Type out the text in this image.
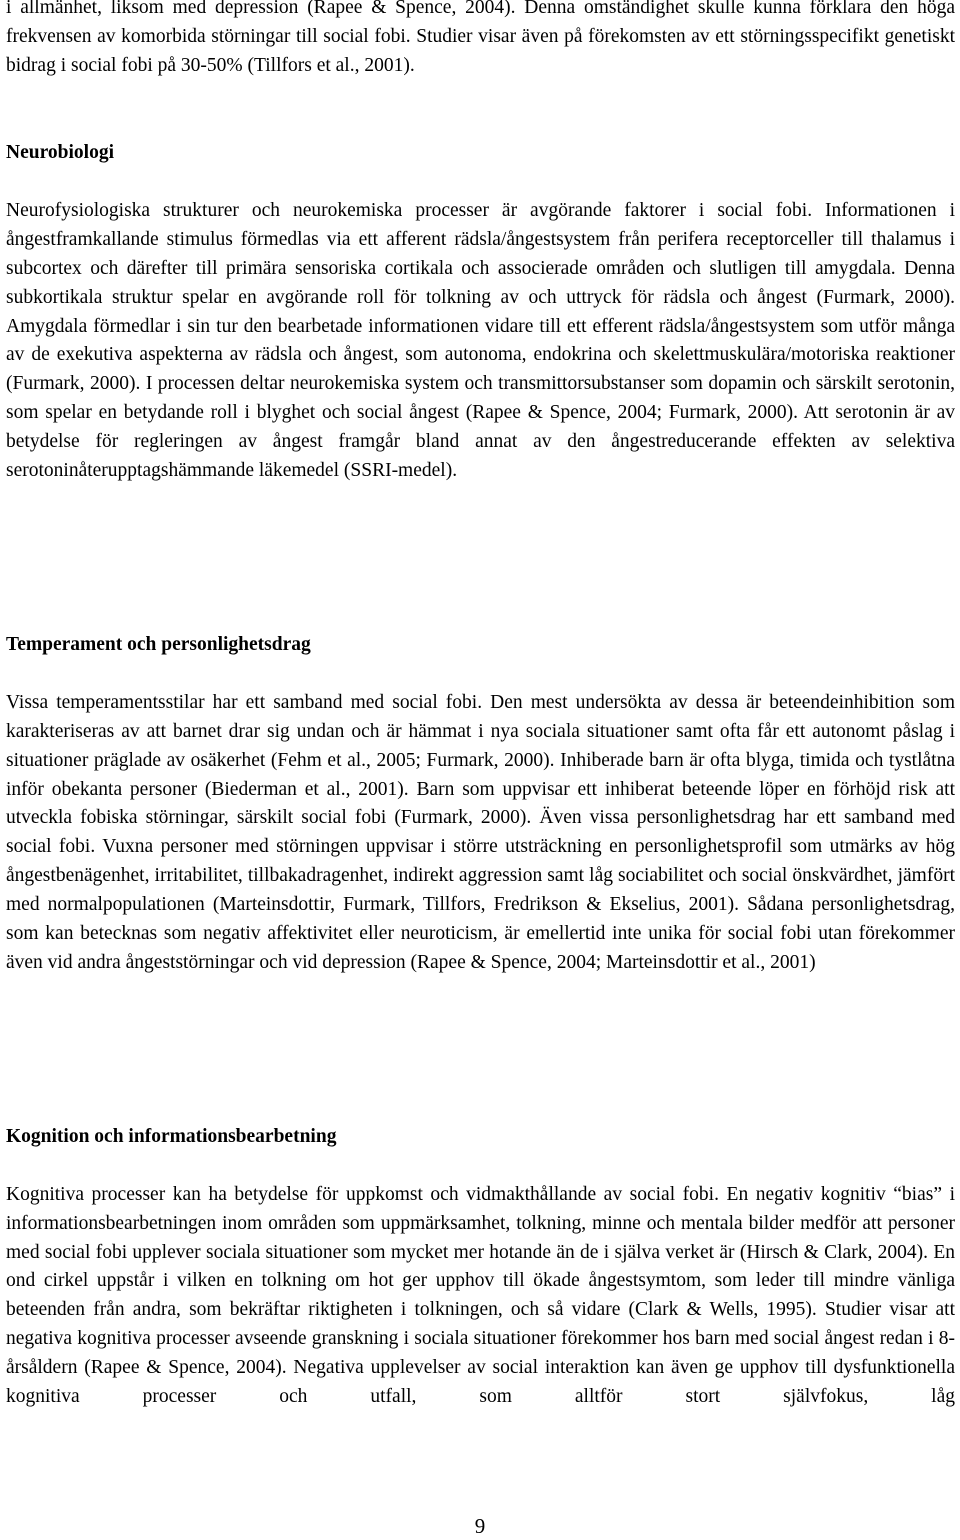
i allmänhet, liksom med depression (Rapee & Spence, 2004). Denna omständighet skulle kunna förklara den höga frekvensen av komorbida störningar till social fobi. Studier visar även på förekomsten av ett störningsspecifikt genetiskt bidrag i social fobi på 30-50% (Tillfors et al., 2001).

Neurobiologi

Neurofysiologiska strukturer och neurokemiska processer är avgörande faktorer i social fobi. Informationen i ångestframkallande stimulus förmedlas via ett afferent rädsla/ångestsystem från perifera receptorceller till thalamus i subcortex och därefter till primära sensoriska cortikala och associerade områden och slutligen till amygdala. Denna subkortikala struktur spelar en avgörande roll för tolkning av och uttryck för rädsla och ångest (Furmark, 2000). Amygdala förmedlar i sin tur den bearbetade informationen vidare till ett efferent rädsla/ångestsystem som utför många av de exekutiva aspekterna av rädsla och ångest, som autonoma, endokrina och skelettmuskulära/motoriska reaktioner (Furmark, 2000). I processen deltar neurokemiska system och transmittorsubstanser som dopamin och särskilt serotonin, som spelar en betydande roll i blyghet och social ångest (Rapee & Spence, 2004; Furmark, 2000). Att serotonin är av betydelse för regleringen av ångest framgår bland annat av den ångestreducerande effekten av selektiva serotoninåterupptagshämmande läkemedel (SSRI-medel).

Temperament och personlighetsdrag

Vissa temperamentsstilar har ett samband med social fobi. Den mest undersökta av dessa är beteendeinhibition som karakteriseras av att barnet drar sig undan och är hämmat i nya sociala situationer samt ofta får ett autonomt påslag i situationer präglade av osäkerhet (Fehm et al., 2005; Furmark, 2000). Inhiberade barn är ofta blyga, timida och tystlåtna inför obekanta personer (Biederman et al., 2001). Barn som uppvisar ett inhiberat beteende löper en förhöjd risk att utveckla fobiska störningar, särskilt social fobi (Furmark, 2000). Även vissa personlighetsdrag har ett samband med social fobi. Vuxna personer med störningen uppvisar i större utsträckning en personlighetsprofil som utmärks av hög ångestbenägenhet, irritabilitet, tillbakadragenhet, indirekt aggression samt låg sociabilitet och social önskvärdhet, jämfört med normalpopulationen (Marteinsdottir, Furmark, Tillfors, Fredrikson & Ekselius, 2001). Sådana personlighetsdrag, som kan betecknas som negativ affektivitet eller neuroticism, är emellertid inte unika för social fobi utan förekommer även vid andra ångeststörningar och vid depression (Rapee & Spence, 2004; Marteinsdottir et al., 2001)

Kognition och informationsbearbetning

Kognitiva processer kan ha betydelse för uppkomst och vidmakthållande av social fobi. En negativ kognitiv “bias” i informationsbearbetningen inom områden som uppmärksamhet, tolkning, minne och mentala bilder medför att personer med social fobi upplever sociala situationer som mycket mer hotande än de i själva verket är (Hirsch & Clark, 2004). En ond cirkel uppstår i vilken en tolkning om hot ger upphov till ökade ångestsymtom, som leder till mindre vänliga beteenden från andra, som bekräftar riktigheten i tolkningen, och så vidare (Clark & Wells, 1995). Studier visar att negativa kognitiva processer avseende granskning i sociala situationer förekommer hos barn med social ångest redan i 8-årsåldern (Rapee & Spence, 2004). Negativa upplevelser av social interaktion kan även ge upphov till dysfunktionella kognitiva processer och utfall, som alltför stort självfokus, låg

9
